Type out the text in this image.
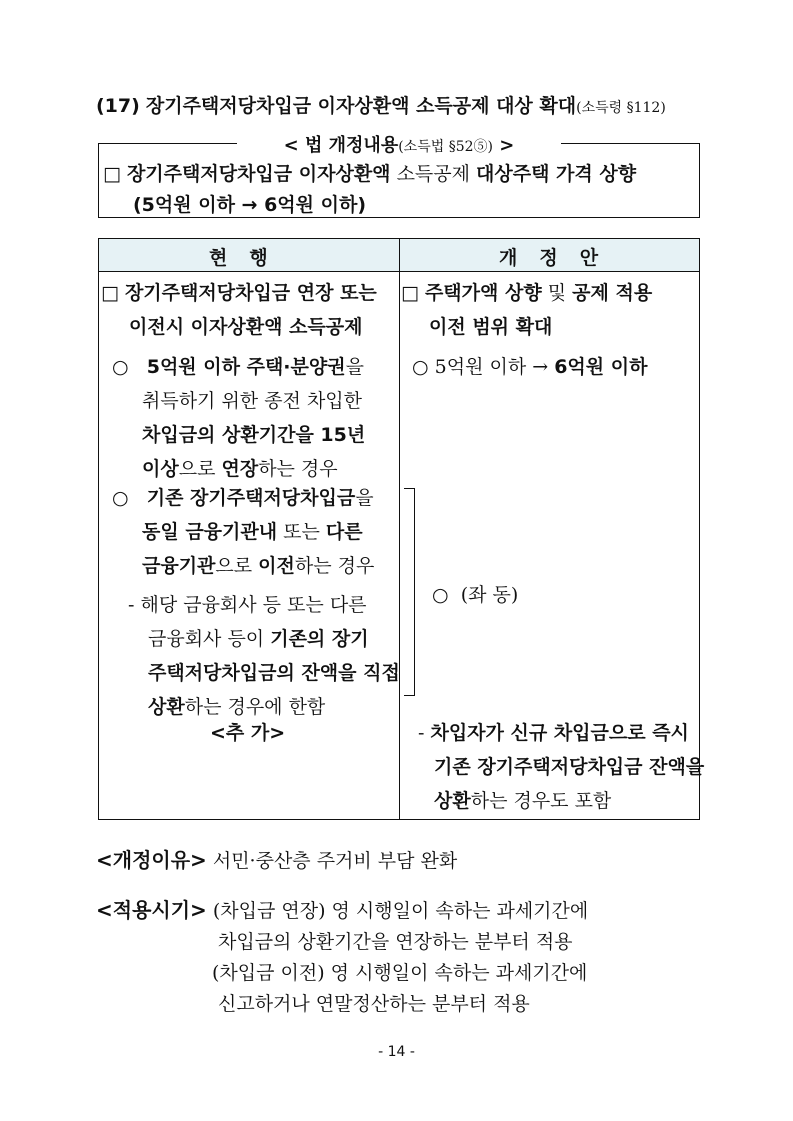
(17) 장기주택저당차입금 이자상환액 소득공제 대상 확대(소득령 §112)
< 법 개정내용(소득법 §52⑤) >
□ 장기주택저당차입금 이자상환액 소득공제 대상주택 가격 상향
(5억원 이하 → 6억원 이하)
현행	개정안
□ 장기주택저당차입금 연장 또는
이전시 이자상환액 소득공제
○ 5억원 이하 주택·분양권을
취득하기 위한 종전 차입한
차입금의 상환기간을 15년
이상으로 연장하는 경우
○ 기존 장기주택저당차입금을
동일 금융기관내 또는 다른
금융기관으로 이전하는 경우
- 해당 금융회사 등 또는 다른
금융회사 등이 기존의 장기
주택저당차입금의 잔액을 직접
상환하는 경우에 한함
<추 가>
□ 주택가액 상향 및 공제 적용
이전 범위 확대
○ 5억원 이하 → 6억원 이하
○ (좌 동)
- 차입자가 신규 차입금으로 즉시
기존 장기주택저당차입금 잔액을
상환하는 경우도 포함
<개정이유> 서민·중산층 주거비 부담 완화
<적용시기> (차입금 연장) 영 시행일이 속하는 과세기간에
차입금의 상환기간을 연장하는 분부터 적용
(차입금 이전) 영 시행일이 속하는 과세기간에
신고하거나 연말정산하는 분부터 적용
- 14 -
